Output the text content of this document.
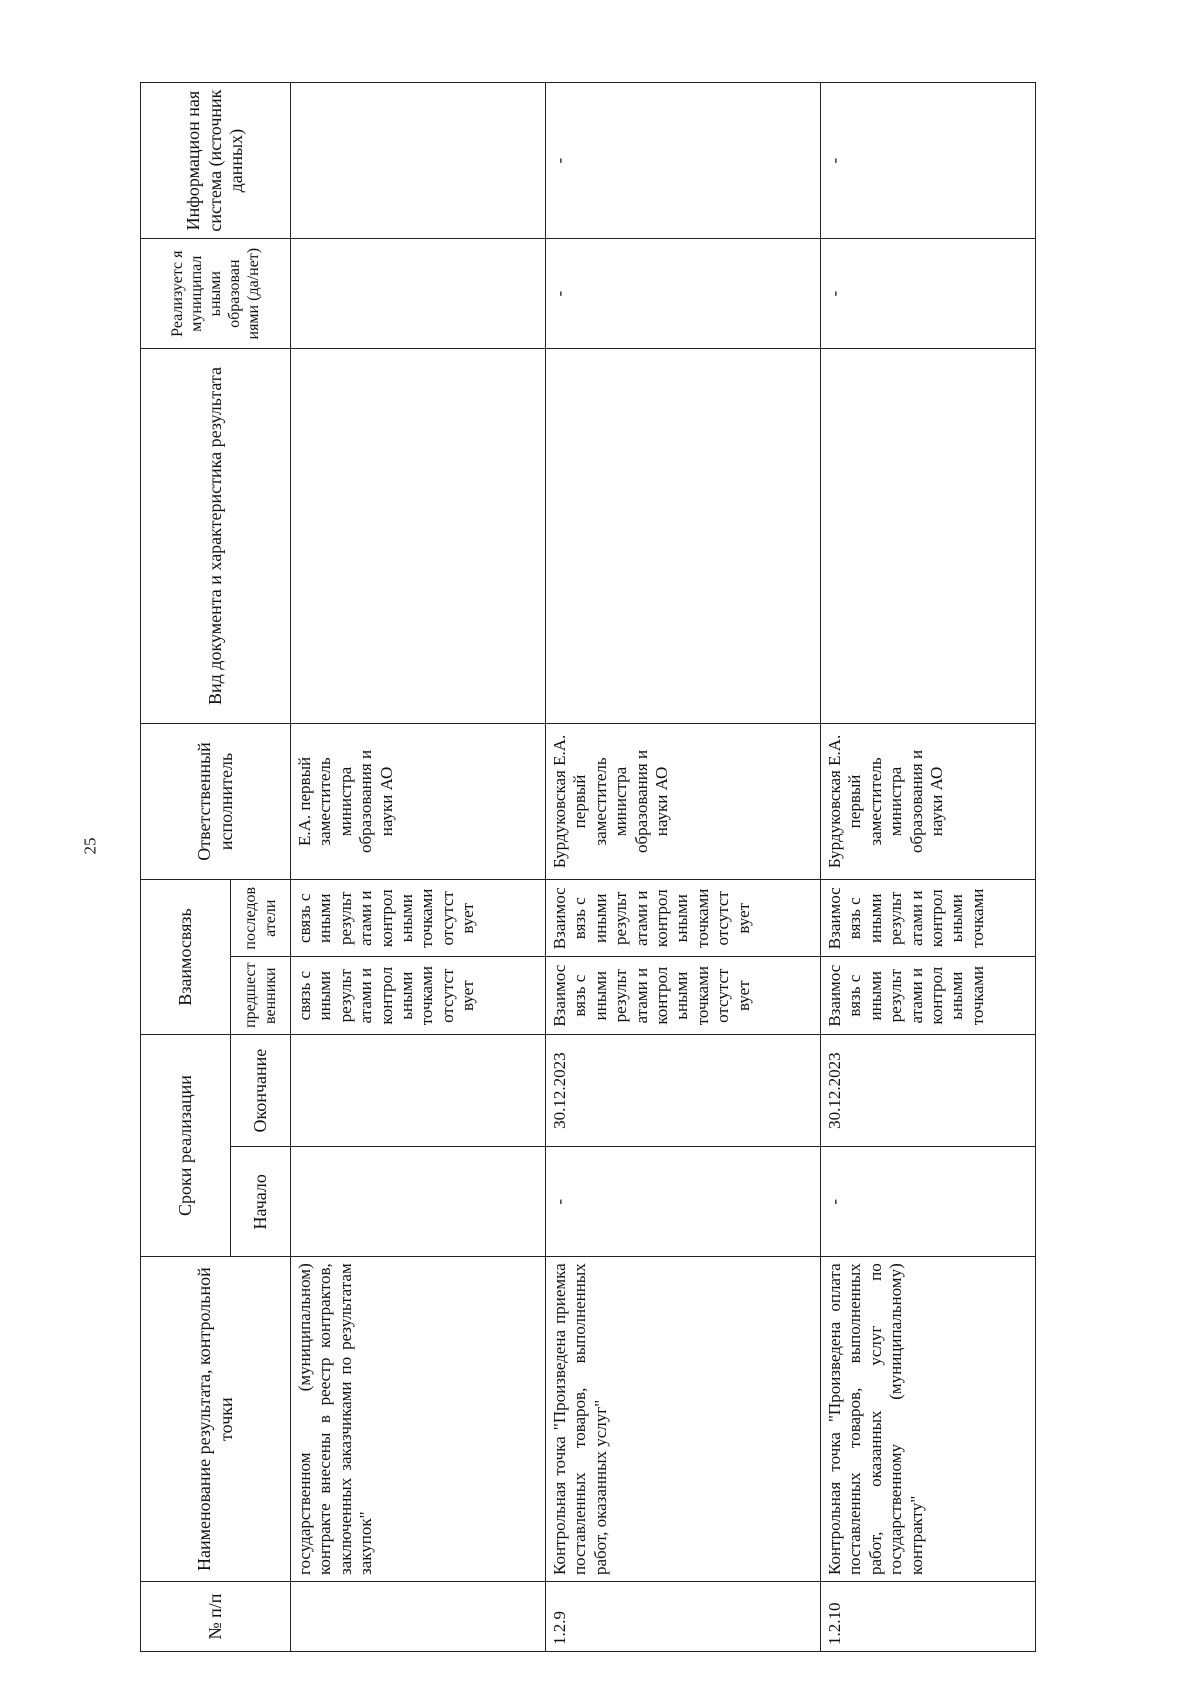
25
№ п/п	Наименование результата, контрольной точки	Сроки реализации		Взаимосвязь		Ответственный исполнитель	Вид документа и характеристика результата	Реализуетс я муниципал ьными образован иями (да/нет)	Информацион ная система (источник данных)
		Начало	Окончание	предшест венники	последов атели				
	государственном (муниципальном) контракте внесены в реестр контрактов, заключенных заказчиками по результатам закупок"			связь с иными результ атами и контрол ьными точками отсутст вует	связь с иными результ атами и контрол ьными точками отсутст вует	Е.А. первый заместитель министра образования и науки АО			
1.2.9	Контрольная точка "Произведена приемка поставленных товаров, выполненных работ, оказанных услуг"	-	30.12.2023	Взаимос вязь с иными результ атами и контрол ьными точками отсутст вует	Взаимос вязь с иными результ атами и контрол ьными точками отсутст вует	Бурдуковская Е.А. первый заместитель министра образования и науки АО		-	-
1.2.10	Контрольная точка "Произведена оплата поставленных товаров, выполненных работ, оказанных услуг по государственному (муниципальному) контракту"	-	30.12.2023	Взаимос вязь с иными результ атами и контрол ьными точками	Взаимос вязь с иными результ атами и контрол ьными точками	Бурдуковская Е.А. первый заместитель министра образования и науки АО		-	-
